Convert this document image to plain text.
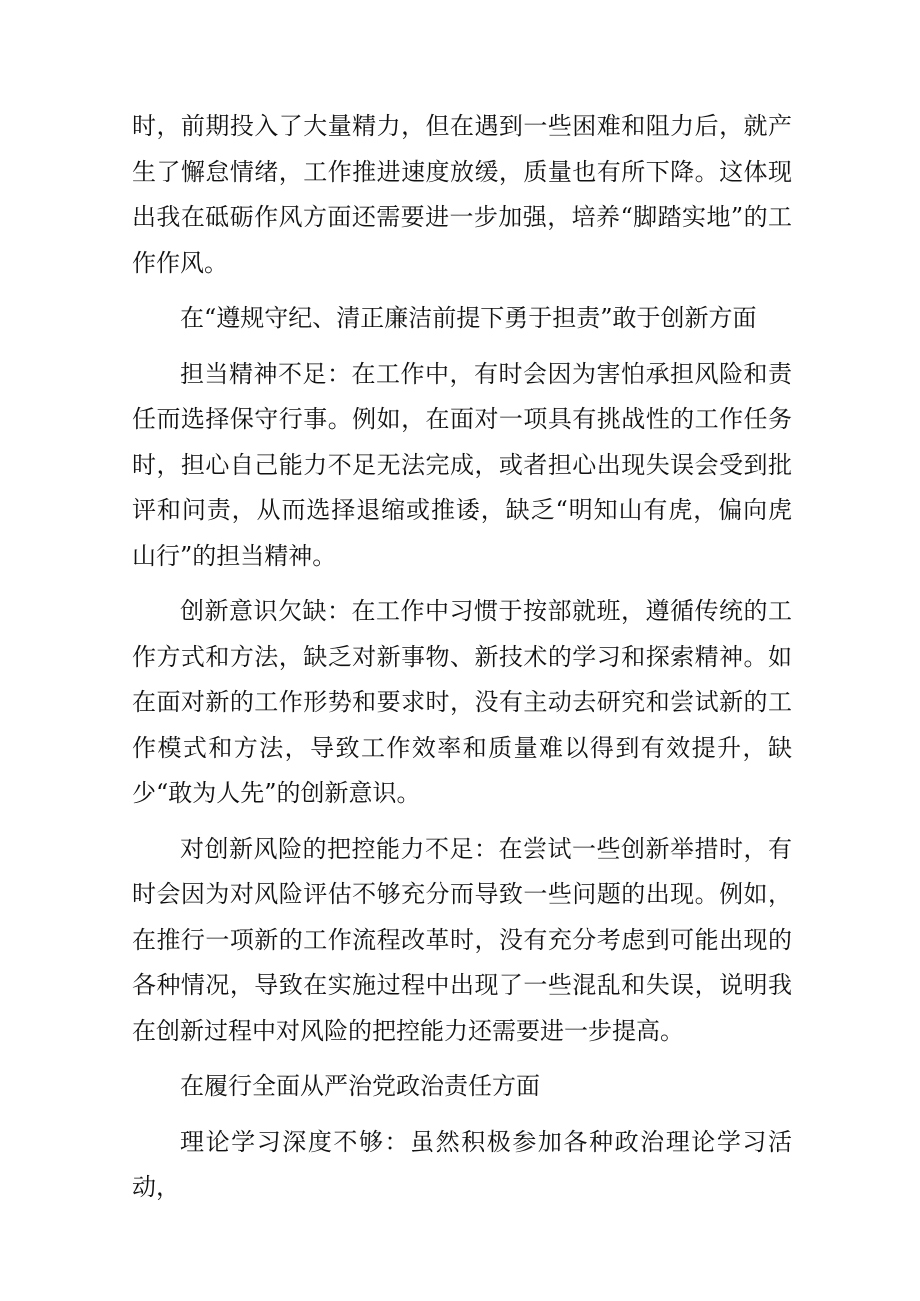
时，前期投入了大量精力，但在遇到一些困难和阻力后，就产生了懈怠情绪，工作推进速度放缓，质量也有所下降。这体现出我在砥砺作风方面还需要进一步加强，培养“脚踏实地”的工作作风。

在“遵规守纪、清正廉洁前提下勇于担责”敢于创新方面

担当精神不足：在工作中，有时会因为害怕承担风险和责任而选择保守行事。例如，在面对一项具有挑战性的工作任务时，担心自己能力不足无法完成，或者担心出现失误会受到批评和问责，从而选择退缩或推诿，缺乏“明知山有虎，偏向虎山行”的担当精神。

创新意识欠缺：在工作中习惯于按部就班，遵循传统的工作方式和方法，缺乏对新事物、新技术的学习和探索精神。如在面对新的工作形势和要求时，没有主动去研究和尝试新的工作模式和方法，导致工作效率和质量难以得到有效提升，缺少“敢为人先”的创新意识。

对创新风险的把控能力不足：在尝试一些创新举措时，有时会因为对风险评估不够充分而导致一些问题的出现。例如，在推行一项新的工作流程改革时，没有充分考虑到可能出现的各种情况，导致在实施过程中出现了一些混乱和失误，说明我在创新过程中对风险的把控能力还需要进一步提高。

在履行全面从严治党政治责任方面

理论学习深度不够：虽然积极参加各种政治理论学习活动，
